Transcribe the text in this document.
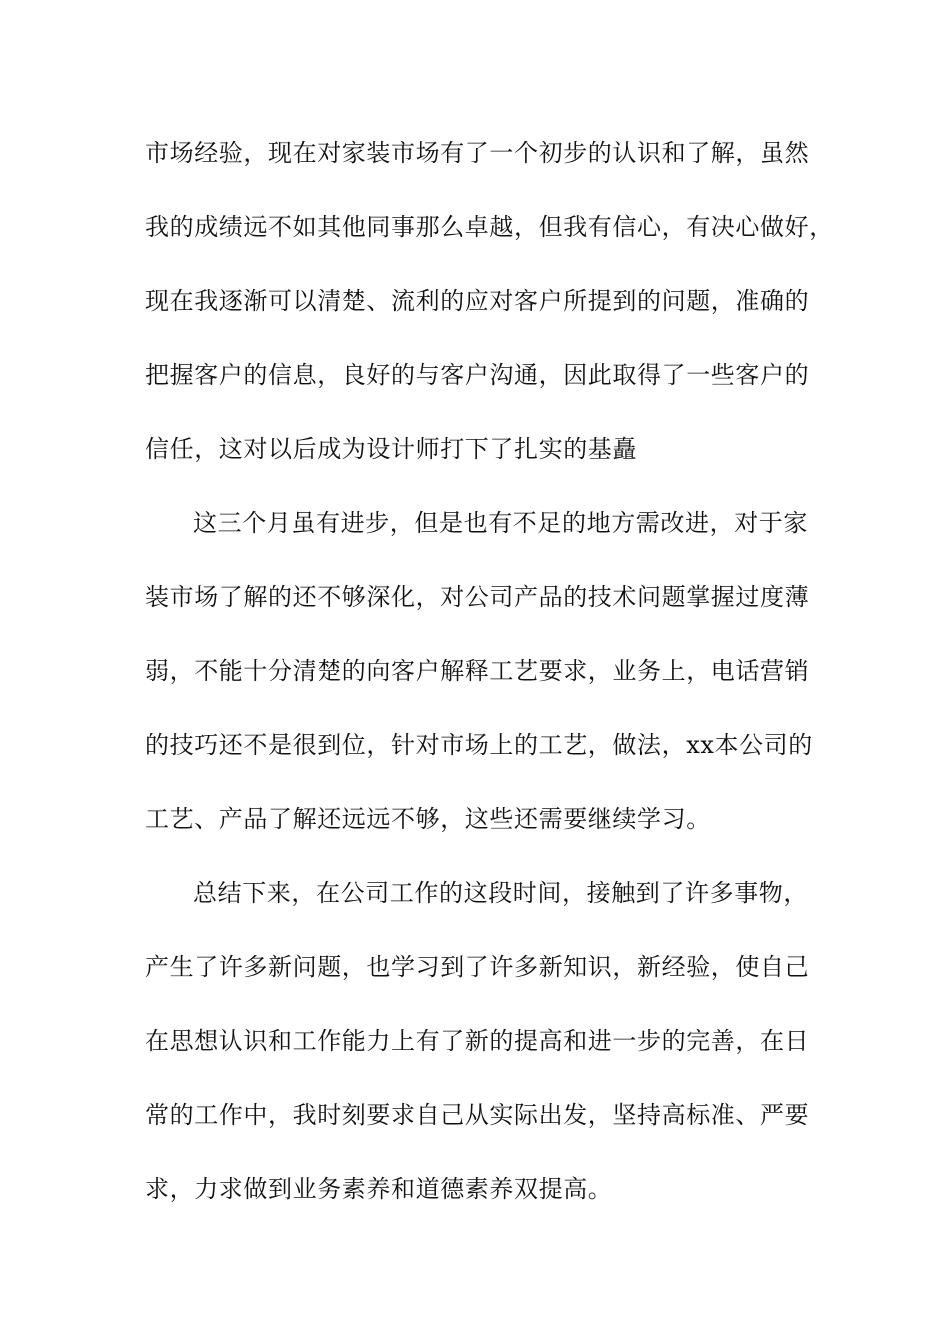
市场经验，现在对家装市场有了一个初步的认识和了解，虽然

我的成绩远不如其他同事那么卓越，但我有信心，有决心做好，

现在我逐渐可以清楚、流利的应对客户所提到的问题，准确的

把握客户的信息，良好的与客户沟通，因此取得了一些客户的

信任，这对以后成为设计师打下了扎实的基矗

这三个月虽有进步，但是也有不足的地方需改进，对于家

装市场了解的还不够深化，对公司产品的技术问题掌握过度薄

弱，不能十分清楚的向客户解释工艺要求，业务上，电话营销

的技巧还不是很到位，针对市场上的工艺，做法，xx本公司的

工艺、产品了解还远远不够，这些还需要继续学习。

总结下来，在公司工作的这段时间，接触到了许多事物，

产生了许多新问题，也学习到了许多新知识，新经验，使自己

在思想认识和工作能力上有了新的提高和进一步的完善，在日

常的工作中，我时刻要求自己从实际出发，坚持高标准、严要

求，力求做到业务素养和道德素养双提高。
